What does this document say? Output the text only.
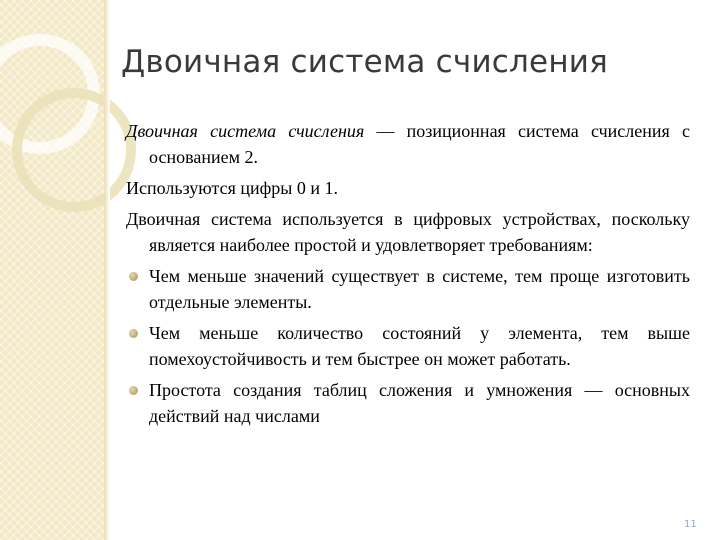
Двоичная система счисления

Двоичная система счисления — позиционная система счисления с основанием 2.

Используются цифры 0 и 1.

Двоичная система используется в цифровых устройствах, поскольку является наиболее простой и удовлетворяет требованиям:

Чем меньше значений существует в системе, тем проще изготовить отдельные элементы.
Чем меньше количество состояний у элемента, тем выше помехоустойчивость и тем быстрее он может работать.
Простота создания таблиц сложения и умножения — основных действий над числами
11
